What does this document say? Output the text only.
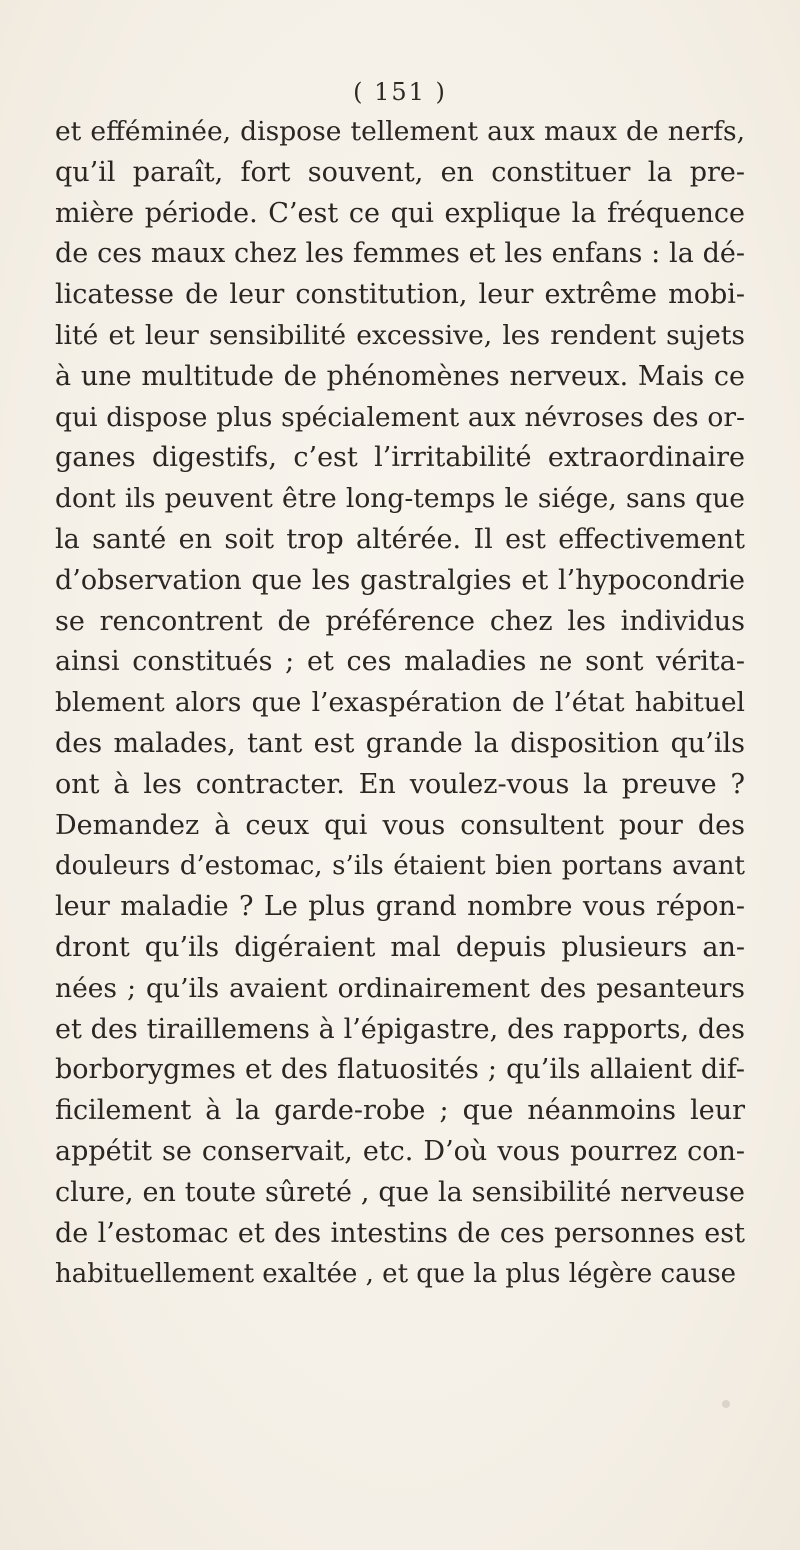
( 151 )
et efféminée, dispose tellement aux maux de nerfs,
qu’il paraît, fort souvent, en constituer la pre-
mière période. C’est ce qui explique la fréquence
de ces maux chez les femmes et les enfans : la dé-
licatesse de leur constitution, leur extrême mobi-
lité et leur sensibilité excessive, les rendent sujets
à une multitude de phénomènes nerveux. Mais ce
qui dispose plus spécialement aux névroses des or-
ganes digestifs, c’est l’irritabilité extraordinaire
dont ils peuvent être long-temps le siége, sans que
la santé en soit trop altérée. Il est effectivement
d’observation que les gastralgies et l’hypocondrie
se rencontrent de préférence chez les individus
ainsi constitués ; et ces maladies ne sont vérita-
blement alors que l’exaspération de l’état habituel
des malades, tant est grande la disposition qu’ils
ont à les contracter. En voulez-vous la preuve ?
Demandez à ceux qui vous consultent pour des
douleurs d’estomac, s’ils étaient bien portans avant
leur maladie ? Le plus grand nombre vous répon-
dront qu’ils digéraient mal depuis plusieurs an-
nées ; qu’ils avaient ordinairement des pesanteurs
et des tiraillemens à l’épigastre, des rapports, des
borborygmes et des flatuosités ; qu’ils allaient dif-
ficilement à la garde-robe ; que néanmoins leur
appétit se conservait, etc. D’où vous pourrez con-
clure, en toute sûreté , que la sensibilité nerveuse
de l’estomac et des intestins de ces personnes est
habituellement exaltée , et que la plus légère cause
